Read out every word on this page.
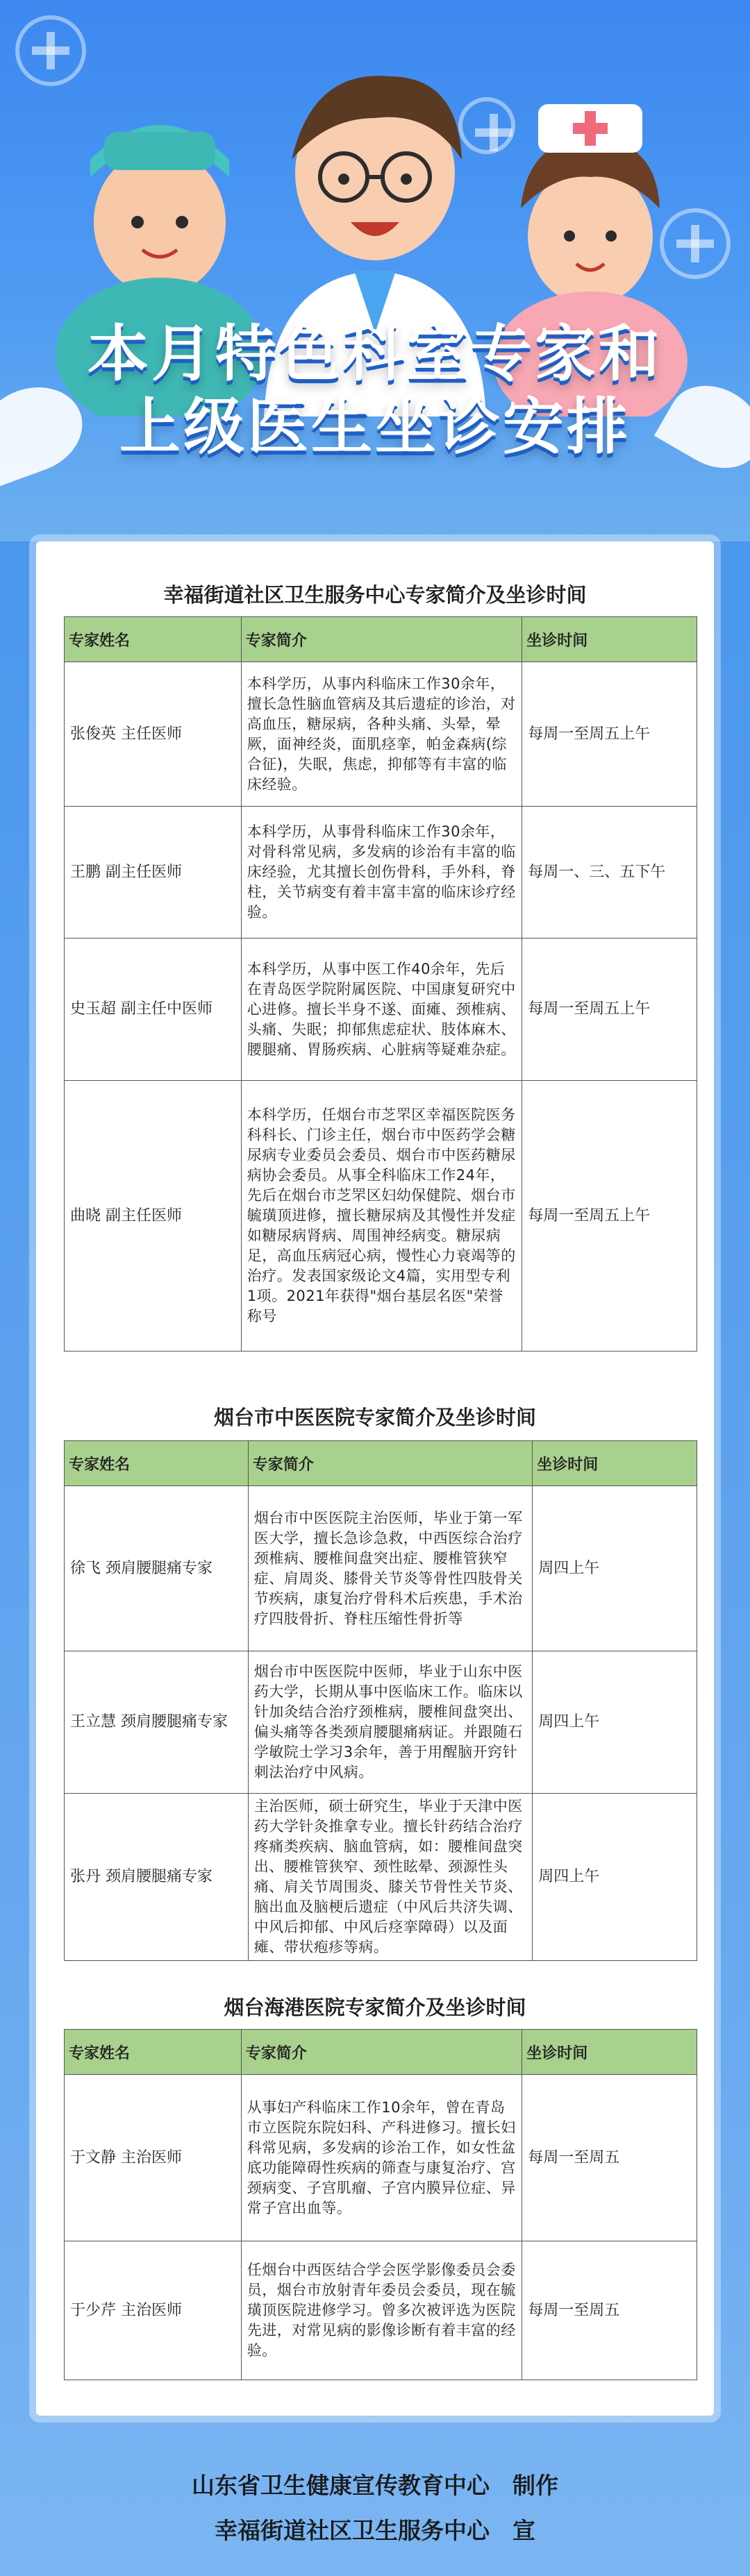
本月特色科室专家和
上级医生坐诊安排
幸福街道社区卫生服务中心专家简介及坐诊时间
专家姓名	专家简介	坐诊时间
张俊英 主任医师	本科学历，从事内科临床工作30余年，擅长急性脑血管病及其后遗症的诊治，对高血压，糖尿病，各种头痛、头晕，晕厥，面神经炎，面肌痉挛，帕金森病(综合征)，失眠，焦虑，抑郁等有丰富的临床经验。	每周一至周五上午
王鹏 副主任医师	本科学历，从事骨科临床工作30余年，对骨科常见病，多发病的诊治有丰富的临床经验，尤其擅长创伤骨科，手外科，脊柱，关节病变有着丰富丰富的临床诊疗经验。	每周一、三、五下午
史玉超 副主任中医师	本科学历，从事中医工作40余年，先后在青岛医学院附属医院、中国康复研究中心进修。擅长半身不遂、面瘫、颈椎病、头痛、失眠；抑郁焦虑症状、肢体麻木、腰腿痛、胃肠疾病、心脏病等疑难杂症。	每周一至周五上午
曲晓 副主任医师	本科学历，任烟台市芝罘区幸福医院医务科科长、门诊主任，烟台市中医药学会糖尿病专业委员会委员、烟台市中医药糖尿病协会委员。从事全科临床工作24年，先后在烟台市芝罘区妇幼保健院、烟台市毓璜顶进修，擅长糖尿病及其慢性并发症如糖尿病肾病、周围神经病变。糖尿病足，高血压病冠心病，慢性心力衰竭等的治疗。发表国家级论文4篇，实用型专利1项。2021年获得"烟台基层名医"荣誉称号	每周一至周五上午
烟台市中医医院专家简介及坐诊时间
专家姓名	专家简介	坐诊时间
徐飞 颈肩腰腿痛专家	烟台市中医医院主治医师，毕业于第一军医大学，擅长急诊急救，中西医综合治疗颈椎病、腰椎间盘突出症、腰椎管狭窄症、肩周炎、膝骨关节炎等骨性四肢骨关节疾病，康复治疗骨科术后疾患，手术治疗四肢骨折、脊柱压缩性骨折等	周四上午
王立慧 颈肩腰腿痛专家	烟台市中医医院中医师，毕业于山东中医药大学，长期从事中医临床工作。临床以针加灸结合治疗颈椎病，腰椎间盘突出、偏头痛等各类颈肩腰腿痛病证。并跟随石学敏院士学习3余年，善于用醒脑开窍针刺法治疗中风病。	周四上午
张丹 颈肩腰腿痛专家	主治医师，硕士研究生，毕业于天津中医药大学针灸推拿专业。擅长针药结合治疗疼痛类疾病、脑血管病，如：腰椎间盘突出、腰椎管狭窄、颈性眩晕、颈源性头痛、肩关节周围炎、膝关节骨性关节炎、脑出血及脑梗后遗症（中风后共济失调、中风后抑郁、中风后痉挛障碍）以及面瘫、带状疱疹等病。	周四上午
烟台海港医院专家简介及坐诊时间
专家姓名	专家简介	坐诊时间
于文静 主治医师	从事妇产科临床工作10余年，曾在青岛市立医院东院妇科、产科进修习。擅长妇科常见病，多发病的诊治工作，如女性盆底功能障碍性疾病的筛查与康复治疗、宫颈病变、子宫肌瘤、子宫内膜异位症、异常子宫出血等。	每周一至周五
于少芹 主治医师	任烟台中西医结合学会医学影像委员会委员，烟台市放射青年委员会委员，现在毓璜顶医院进修学习。曾多次被评选为医院先进，对常见病的影像诊断有着丰富的经验。	每周一至周五
山东省卫生健康宣传教育中心　制作
幸福街道社区卫生服务中心　宣
